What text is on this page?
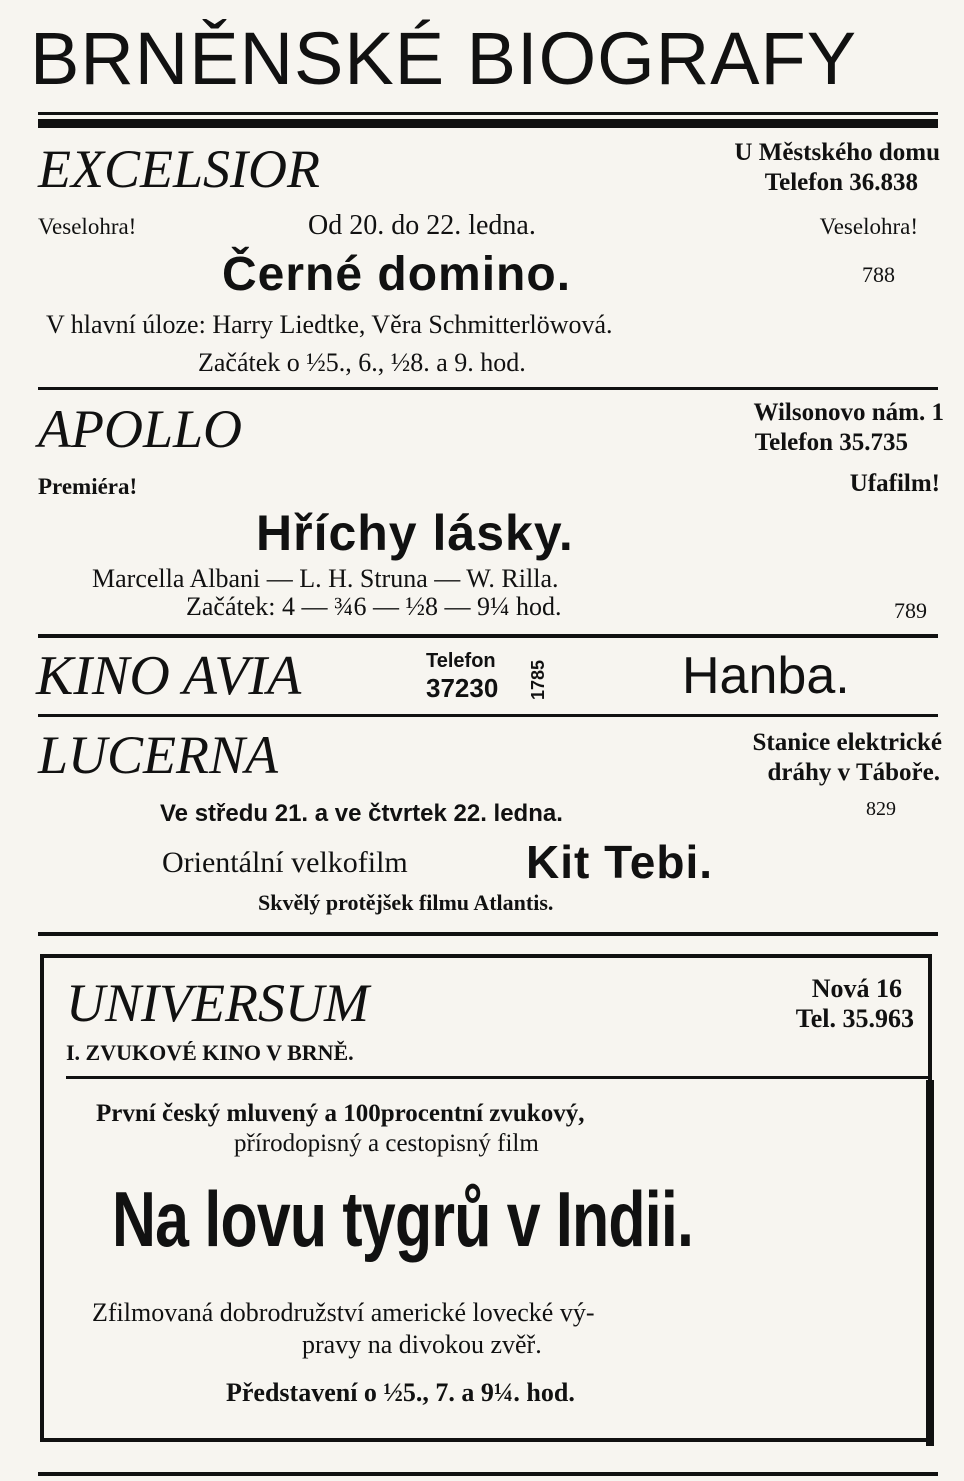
BRNĚNSKÉ BIOGRAFY
EXCELSIOR	U Městského domu
Telefon 36.838
Veselohra!	Od 20. do 22. ledna.	Veselohra!
Černé domino.	788
V hlavní úloze: Harry Liedtke, Věra Schmitterlöwová.
Začátek o ½5., 6., ½8. a 9. hod.
APOLLO	Wilsonovo nám. 1
Telefon 35.735
Premiéra!	Ufafilm!
Hříchy lásky.
Marcella Albani — L. H. Struna — W. Rilla.
Začátek: 4 — ¾6 — ½8 — 9¼ hod.	789
KINO AVIA	Telefon
37230 1785	Hanba.
LUCERNA	Stanice elektrické
dráhy v Táboře.
Ve středu 21. a ve čtvrtek 22. ledna.	829
Orientální velkofilm	Kit Tebi.
Skvělý protějšek filmu Atlantis.
UNIVERSUM	Nová 16
Tel. 35.963
I. ZVUKOVÉ KINO V BRNĚ.
První český mluvený a 100procentní zvukový,
přírodopisný a cestopisný film
Na lovu tygrů v Indii.
Zfilmovaná dobrodružství americké lovecké vý-
pravy na divokou zvěř.
Představení o ½5., 7. a 9¼. hod.
